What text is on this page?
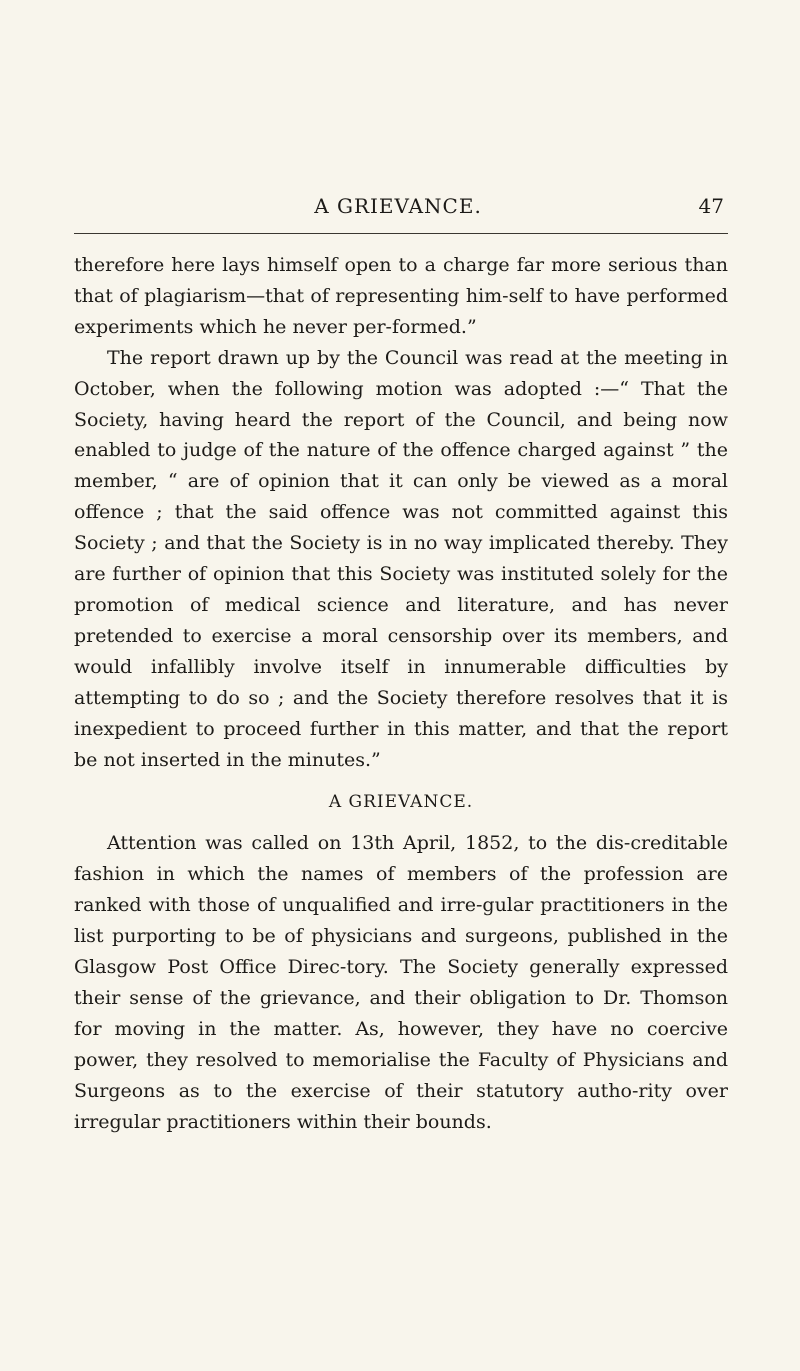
A GRIEVANCE.	47

therefore here lays himself open to a charge far more serious than that of plagiarism—that of representing him-self to have performed experiments which he never per-formed.”

The report drawn up by the Council was read at the meeting in October, when the following motion was adopted :—“ That the Society, having heard the report of the Council, and being now enabled to judge of the nature of the offence charged against ” the member, “ are of opinion that it can only be viewed as a moral offence ; that the said offence was not committed against this Society ; and that the Society is in no way implicated thereby. They are further of opinion that this Society was instituted solely for the promotion of medical science and literature, and has never pretended to exercise a moral censorship over its members, and would infallibly involve itself in innumerable difficulties by attempting to do so ; and the Society therefore resolves that it is inexpedient to proceed further in this matter, and that the report be not inserted in the minutes.”

A GRIEVANCE.

Attention was called on 13th April, 1852, to the dis-creditable fashion in which the names of members of the profession are ranked with those of unqualified and irre-gular practitioners in the list purporting to be of physicians and surgeons, published in the Glasgow Post Office Direc-tory. The Society generally expressed their sense of the grievance, and their obligation to Dr. Thomson for moving in the matter. As, however, they have no coercive power, they resolved to memorialise the Faculty of Physicians and Surgeons as to the exercise of their statutory autho-rity over irregular practitioners within their bounds.
